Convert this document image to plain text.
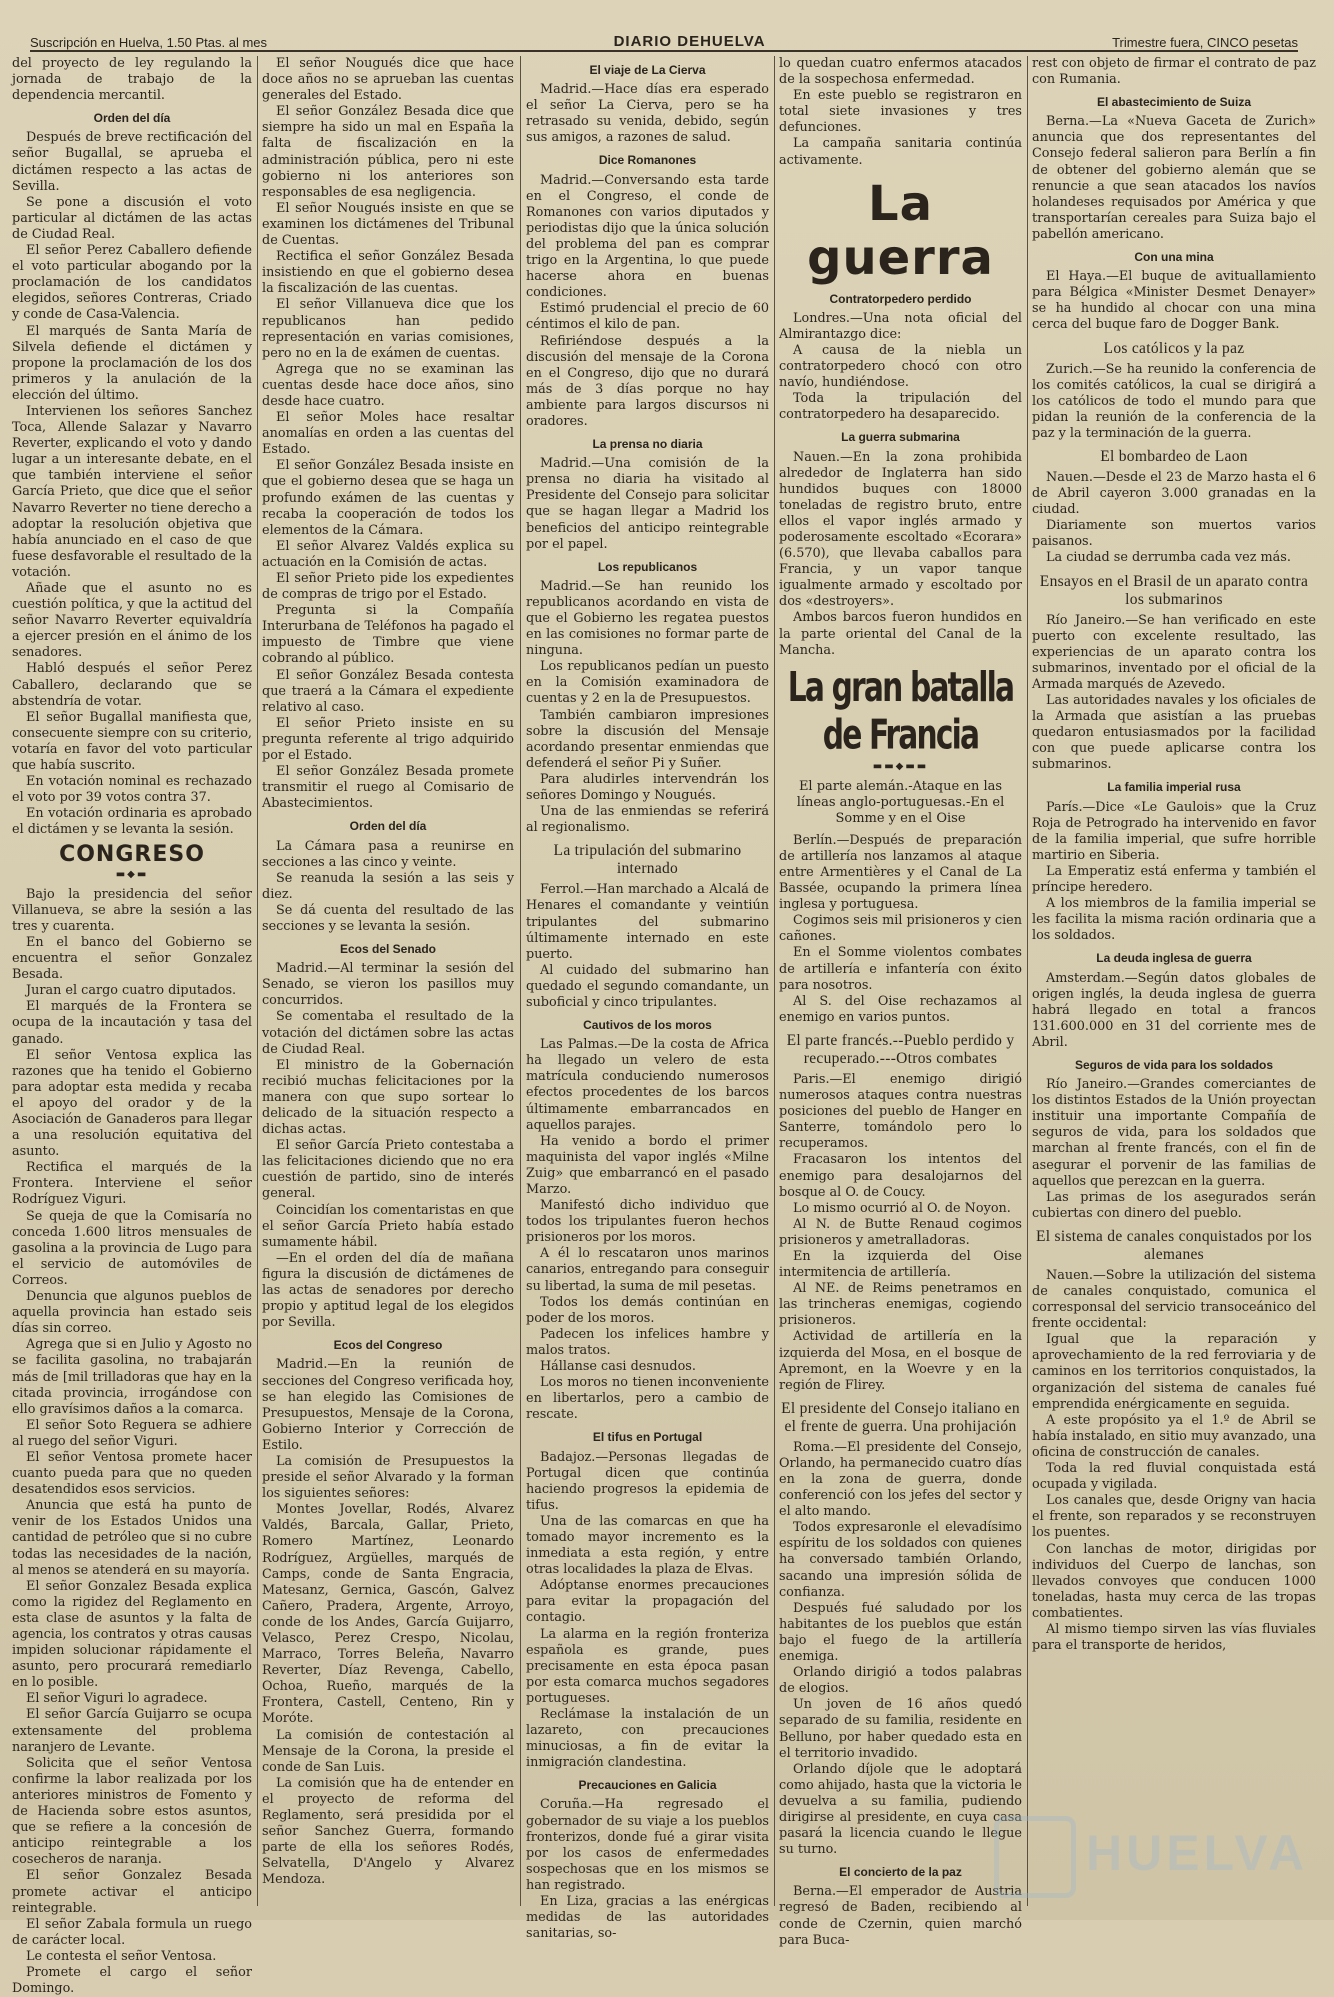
Suscripción en Huelva, 1.50 Ptas. al mes	DIARIO DEHUELVA	Trimestre fuera, CINCO pesetas

del proyecto de ley regulando la jornada de trabajo de la dependencia mercantil.

Orden del día

Después de breve rectificación del señor Bugallal, se aprueba el dictámen respecto a las actas de Sevilla.

Se pone a discusión el voto particular al dictámen de las actas de Ciudad Real.

El señor Perez Caballero defiende el voto particular abogando por la proclamación de los candidatos elegidos, señores Contreras, Criado y conde de Casa-Valencia.

El marqués de Santa María de Silvela defiende el dictámen y propone la proclamación de los dos primeros y la anulación de la elección del último.

Intervienen los señores Sanchez Toca, Allende Salazar y Navarro Reverter, explicando el voto y dando lugar a un interesante debate, en el que también interviene el señor García Prieto, que dice que el señor Navarro Reverter no tiene derecho a adoptar la resolución objetiva que había anunciado en el caso de que fuese desfavorable el resultado de la votación.

Añade que el asunto no es cuestión política, y que la actitud del señor Navarro Reverter equivaldría a ejercer presión en el ánimo de los senadores.

Habló después el señor Perez Caballero, declarando que se abstendría de votar.

El señor Bugallal manifiesta que, consecuente siempre con su criterio, votaría en favor del voto particular que había suscrito.

En votación nominal es rechazado el voto por 39 votos contra 37.

En votación ordinaria es aprobado el dictámen y se levanta la sesión.

CONGRESO
▬◆▬

Bajo la presidencia del señor Villanueva, se abre la sesión a las tres y cuarenta.

En el banco del Gobierno se encuentra el señor Gonzalez Besada.

Juran el cargo cuatro diputados.

El marqués de la Frontera se ocupa de la incautación y tasa del ganado.

El señor Ventosa explica las razones que ha tenido el Gobierno para adoptar esta medida y recaba el apoyo del orador y de la Asociación de Ganaderos para llegar a una resolución equitativa del asunto.

Rectifica el marqués de la Frontera. Interviene el señor Rodríguez Viguri.

Se queja de que la Comisaría no conceda 1.600 litros mensuales de gasolina a la provincia de Lugo para el servicio de automóviles de Correos.

Denuncia que algunos pueblos de aquella provincia han estado seis días sin correo.

Agrega que si en Julio y Agosto no se facilita gasolina, no trabajarán más de [mil trilladoras que hay en la citada provincia, irrogándose con ello gravísimos daños a la comarca.

El señor Soto Reguera se adhiere al ruego del señor Viguri.

El señor Ventosa promete hacer cuanto pueda para que no queden desatendidos esos servicios.

Anuncia que está ha punto de venir de los Estados Unidos una cantidad de petróleo que si no cubre todas las necesidades de la nación, al menos se atenderá en su mayoría.

El señor Gonzalez Besada explica como la rigidez del Reglamento en esta clase de asuntos y la falta de agencia, los contratos y otras causas impiden solucionar rápidamente el asunto, pero procurará remediarlo en lo posible.

El señor Viguri lo agradece.

El señor García Guijarro se ocupa extensamente del problema naranjero de Levante.

Solicita que el señor Ventosa confirme la labor realizada por los anteriores ministros de Fomento y de Hacienda sobre estos asuntos, que se refiere a la concesión de anticipo reintegrable a los cosecheros de naranja.

El señor Gonzalez Besada promete activar el anticipo reintegrable.

El señor Zabala formula un ruego de carácter local.

Le contesta el señor Ventosa.

Promete el cargo el señor Domingo.

El señor Nougués dice que hace doce años no se aprueban las cuentas generales del Estado.

El señor González Besada dice que siempre ha sido un mal en España la falta de fiscalización en la administración pública, pero ni este gobierno ni los anteriores son responsables de esa negligencia.

El señor Nougués insiste en que se examinen los dictámenes del Tribunal de Cuentas.

Rectifica el señor González Besada insistiendo en que el gobierno desea la fiscalización de las cuentas.

El señor Villanueva dice que los republicanos han pedido representación en varias comisiones, pero no en la de exámen de cuentas.

Agrega que no se examinan las cuentas desde hace doce años, sino desde hace cuatro.

El señor Moles hace resaltar anomalías en orden a las cuentas del Estado.

El señor González Besada insiste en que el gobierno desea que se haga un profundo exámen de las cuentas y recaba la cooperación de todos los elementos de la Cámara.

El señor Alvarez Valdés explica su actuación en la Comisión de actas.

El señor Prieto pide los expedientes de compras de trigo por el Estado.

Pregunta si la Compañía Interurbana de Teléfonos ha pagado el impuesto de Timbre que viene cobrando al público.

El señor González Besada contesta que traerá a la Cámara el expediente relativo al caso.

El señor Prieto insiste en su pregunta referente al trigo adquirido por el Estado.

El señor González Besada promete transmitir el ruego al Comisario de Abastecimientos.

Orden del día

La Cámara pasa a reunirse en secciones a las cinco y veinte.

Se reanuda la sesión a las seis y diez.

Se dá cuenta del resultado de las secciones y se levanta la sesión.

Ecos del Senado

Madrid.—Al terminar la sesión del Senado, se vieron los pasillos muy concurridos.

Se comentaba el resultado de la votación del dictámen sobre las actas de Ciudad Real.

El ministro de la Gobernación recibió muchas felicitaciones por la manera con que supo sortear lo delicado de la situación respecto a dichas actas.

El señor García Prieto contestaba a las felicitaciones diciendo que no era cuestión de partido, sino de interés general.

Coincidían los comentaristas en que el señor García Prieto había estado sumamente hábil.

—En el orden del día de mañana figura la discusión de dictámenes de las actas de senadores por derecho propio y aptitud legal de los elegidos por Sevilla.

Ecos del Congreso

Madrid.—En la reunión de secciones del Congreso verificada hoy, se han elegido las Comisiones de Presupuestos, Mensaje de la Corona, Gobierno Interior y Corrección de Estilo.

La comisión de Presupuestos la preside el señor Alvarado y la forman los siguientes señores:

Montes Jovellar, Rodés, Alvarez Valdés, Barcala, Gallar, Prieto, Romero Martínez, Leonardo Rodríguez, Argüelles, marqués de Camps, conde de Santa Engracia, Matesanz, Gernica, Gascón, Galvez Cañero, Pradera, Argente, Arroyo, conde de los Andes, García Guijarro, Velasco, Perez Crespo, Nicolau, Marraco, Torres Beleña, Navarro Reverter, Díaz Revenga, Cabello, Ochoa, Rueño, marqués de la Frontera, Castell, Centeno, Rin y Moróte.

La comisión de contestación al Mensaje de la Corona, la preside el conde de San Luis.

La comisión que ha de entender en el proyecto de reforma del Reglamento, será presidida por el señor Sanchez Guerra, formando parte de ella los señores Rodés, Selvatella, D'Angelo y Alvarez Mendoza.

El viaje de La Cierva

Madrid.—Hace días era esperado el señor La Cierva, pero se ha retrasado su venida, debido, según sus amigos, a razones de salud.

Dice Romanones

Madrid.—Conversando esta tarde en el Congreso, el conde de Romanones con varios diputados y periodistas dijo que la única solución del problema del pan es comprar trigo en la Argentina, lo que puede hacerse ahora en buenas condiciones.

Estimó prudencial el precio de 60 céntimos el kilo de pan.

Refiriéndose después a la discusión del mensaje de la Corona en el Congreso, dijo que no durará más de 3 días porque no hay ambiente para largos discursos ni oradores.

La prensa no diaria

Madrid.—Una comisión de la prensa no diaria ha visitado al Presidente del Consejo para solicitar que se hagan llegar a Madrid los beneficios del anticipo reintegrable por el papel.

Los republicanos

Madrid.—Se han reunido los republicanos acordando en vista de que el Gobierno les regatea puestos en las comisiones no formar parte de ninguna.

Los republicanos pedían un puesto en la Comisión examinadora de cuentas y 2 en la de Presupuestos.

También cambiaron impresiones sobre la discusión del Mensaje acordando presentar enmiendas que defenderá el señor Pi y Suñer.

Para aludirles intervendrán los señores Domingo y Nougués.

Una de las enmiendas se referirá al regionalismo.

La tripulación del submarino internado

Ferrol.—Han marchado a Alcalá de Henares el comandante y veintiún tripulantes del submarino últimamente internado en este puerto.

Al cuidado del submarino han quedado el segundo comandante, un suboficial y cinco tripulantes.

Cautivos de los moros

Las Palmas.—De la costa de Africa ha llegado un velero de esta matrícula conduciendo numerosos efectos procedentes de los barcos últimamente embarrancados en aquellos parajes.

Ha venido a bordo el primer maquinista del vapor inglés «Milne Zuig» que embarrancó en el pasado Marzo.

Manifestó dicho individuo que todos los tripulantes fueron hechos prisioneros por los moros.

A él lo rescataron unos marinos canarios, entregando para conseguir su libertad, la suma de mil pesetas.

Todos los demás continúan en poder de los moros.

Padecen los infelices hambre y malos tratos.

Hállanse casi desnudos.

Los moros no tienen inconveniente en libertarlos, pero a cambio de rescate.

El tifus en Portugal

Badajoz.—Personas llegadas de Portugal dicen que continúa haciendo progresos la epidemia de tifus.

Una de las comarcas en que ha tomado mayor incremento es la inmediata a esta región, y entre otras localidades la plaza de Elvas.

Adóptanse enormes precauciones para evitar la propagación del contagio.

La alarma en la región fronteriza española es grande, pues precisamente en esta época pasan por esta comarca muchos segadores portugueses.

Reclámase la instalación de un lazareto, con precauciones minuciosas, a fin de evitar la inmigración clandestina.

Precauciones en Galicia

Coruña.—Ha regresado el gobernador de su viaje a los pueblos fronterizos, donde fué a girar visita por los casos de enfermedades sospechosas que en los mismos se han registrado.

En Liza, gracias a las enérgicas medidas de las autoridades sanitarias, so-

lo quedan cuatro enfermos atacados de la sospechosa enfermedad.

En este pueblo se registraron en total siete invasiones y tres defunciones.

La campaña sanitaria continúa activamente.

La guerra
Contratorpedero perdido

Londres.—Una nota oficial del Almirantazgo dice:

A causa de la niebla un contratorpedero chocó con otro navío, hundiéndose.

Toda la tripulación del contratorpedero ha desaparecido.

La guerra submarina

Nauen.—En la zona prohibida alrededor de Inglaterra han sido hundidos buques con 18000 toneladas de registro bruto, entre ellos el vapor inglés armado y poderosamente escoltado «Ecorara» (6.570), que llevaba caballos para Francia, y un vapor tanque igualmente armado y escoltado por dos «destroyers».

Ambos barcos fueron hundidos en la parte oriental del Canal de la Mancha.

La gran batalla de Francia
▬▬◆▬▬
El parte alemán.-Ataque en las líneas anglo-portuguesas.-En el Somme y en el Oise

Berlín.—Después de preparación de artillería nos lanzamos al ataque entre Armentières y el Canal de La Bassée, ocupando la primera línea inglesa y portuguesa.

Cogimos seis mil prisioneros y cien cañones.

En el Somme violentos combates de artillería e infantería con éxito para nosotros.

Al S. del Oise rechazamos al enemigo en varios puntos.

El parte francés.--Pueblo perdido y recuperado.---Otros combates

Paris.—El enemigo dirigió numerosos ataques contra nuestras posiciones del pueblo de Hanger en Santerre, tomándolo pero lo recuperamos.

Fracasaron los intentos del enemigo para desalojarnos del bosque al O. de Coucy.

Lo mismo ocurrió al O. de Noyon.

Al N. de Butte Renaud cogimos prisioneros y ametralladoras.

En la izquierda del Oise intermitencia de artillería.

Al NE. de Reims penetramos en las trincheras enemigas, cogiendo prisioneros.

Actividad de artillería en la izquierda del Mosa, en el bosque de Apremont, en la Woevre y en la región de Flirey.

El presidente del Consejo italiano en el frente de guerra. Una prohijación

Roma.—El presidente del Consejo, Orlando, ha permanecido cuatro días en la zona de guerra, donde conferenció con los jefes del sector y el alto mando.

Todos expresaronle el elevadísimo espíritu de los soldados con quienes ha conversado también Orlando, sacando una impresión sólida de confianza.

Después fué saludado por los habitantes de los pueblos que están bajo el fuego de la artillería enemiga.

Orlando dirigió a todos palabras de elogios.

Un joven de 16 años quedó separado de su familia, residente en Belluno, por haber quedado esta en el territorio invadido.

Orlando díjole que le adoptará como ahijado, hasta que la victoria le devuelva a su familia, pudiendo dirigirse al presidente, en cuya casa pasará la licencia cuando le llegue su turno.

El concierto de la paz

Berna.—El emperador de Austria regresó de Baden, recibiendo al conde de Czernin, quien marchó para Buca-

rest con objeto de firmar el contrato de paz con Rumania.

El abastecimiento de Suiza

Berna.—La «Nueva Gaceta de Zurich» anuncia que dos representantes del Consejo federal salieron para Berlín a fin de obtener del gobierno alemán que se renuncie a que sean atacados los navíos holandeses requisados por América y que transportarían cereales para Suiza bajo el pabellón americano.

Con una mina

El Haya.—El buque de avituallamiento para Bélgica «Minister Desmet Denayer» se ha hundido al chocar con una mina cerca del buque faro de Dogger Bank.

Los católicos y la paz

Zurich.—Se ha reunido la conferencia de los comités católicos, la cual se dirigirá a los católicos de todo el mundo para que pidan la reunión de la conferencia de la paz y la terminación de la guerra.

El bombardeo de Laon

Nauen.—Desde el 23 de Marzo hasta el 6 de Abril cayeron 3.000 granadas en la ciudad.

Diariamente son muertos varios paisanos.

La ciudad se derrumba cada vez más.

Ensayos en el Brasil de un aparato contra los submarinos

Río Janeiro.—Se han verificado en este puerto con excelente resultado, las experiencias de un aparato contra los submarinos, inventado por el oficial de la Armada marqués de Azevedo.

Las autoridades navales y los oficiales de la Armada que asistían a las pruebas quedaron entusiasmados por la facilidad con que puede aplicarse contra los submarinos.

La familia imperial rusa

París.—Dice «Le Gaulois» que la Cruz Roja de Petrogrado ha intervenido en favor de la familia imperial, que sufre horrible martirio en Siberia.

La Emperatiz está enferma y también el príncipe heredero.

A los miembros de la familia imperial se les facilita la misma ración ordinaria que a los soldados.

La deuda inglesa de guerra

Amsterdam.—Según datos globales de origen inglés, la deuda inglesa de guerra habrá llegado en total a francos 131.600.000 en 31 del corriente mes de Abril.

Seguros de vida para los soldados

Río Janeiro.—Grandes comerciantes de los distintos Estados de la Unión proyectan instituir una importante Compañía de seguros de vida, para los soldados que marchan al frente francés, con el fin de asegurar el porvenir de las familias de aquellos que perezcan en la guerra.

Las primas de los asegurados serán cubiertas con dinero del pueblo.

El sistema de canales conquistados por los alemanes

Nauen.—Sobre la utilización del sistema de canales conquistado, comunica el corresponsal del servicio transoceánico del frente occidental:

Igual que la reparación y aprovechamiento de la red ferroviaria y de caminos en los territorios conquistados, la organización del sistema de canales fué emprendida enérgicamente en seguida.

A este propósito ya el 1.º de Abril se había instalado, en sitio muy avanzado, una oficina de construcción de canales.

Toda la red fluvial conquistada está ocupada y vigilada.

Los canales que, desde Origny van hacia el frente, son reparados y se reconstruyen los puentes.

Con lanchas de motor, dirigidas por individuos del Cuerpo de lanchas, son llevados convoyes que conducen 1000 toneladas, hasta muy cerca de las tropas combatientes.

Al mismo tiempo sirven las vías fluviales para el transporte de heridos,

HUELVA
